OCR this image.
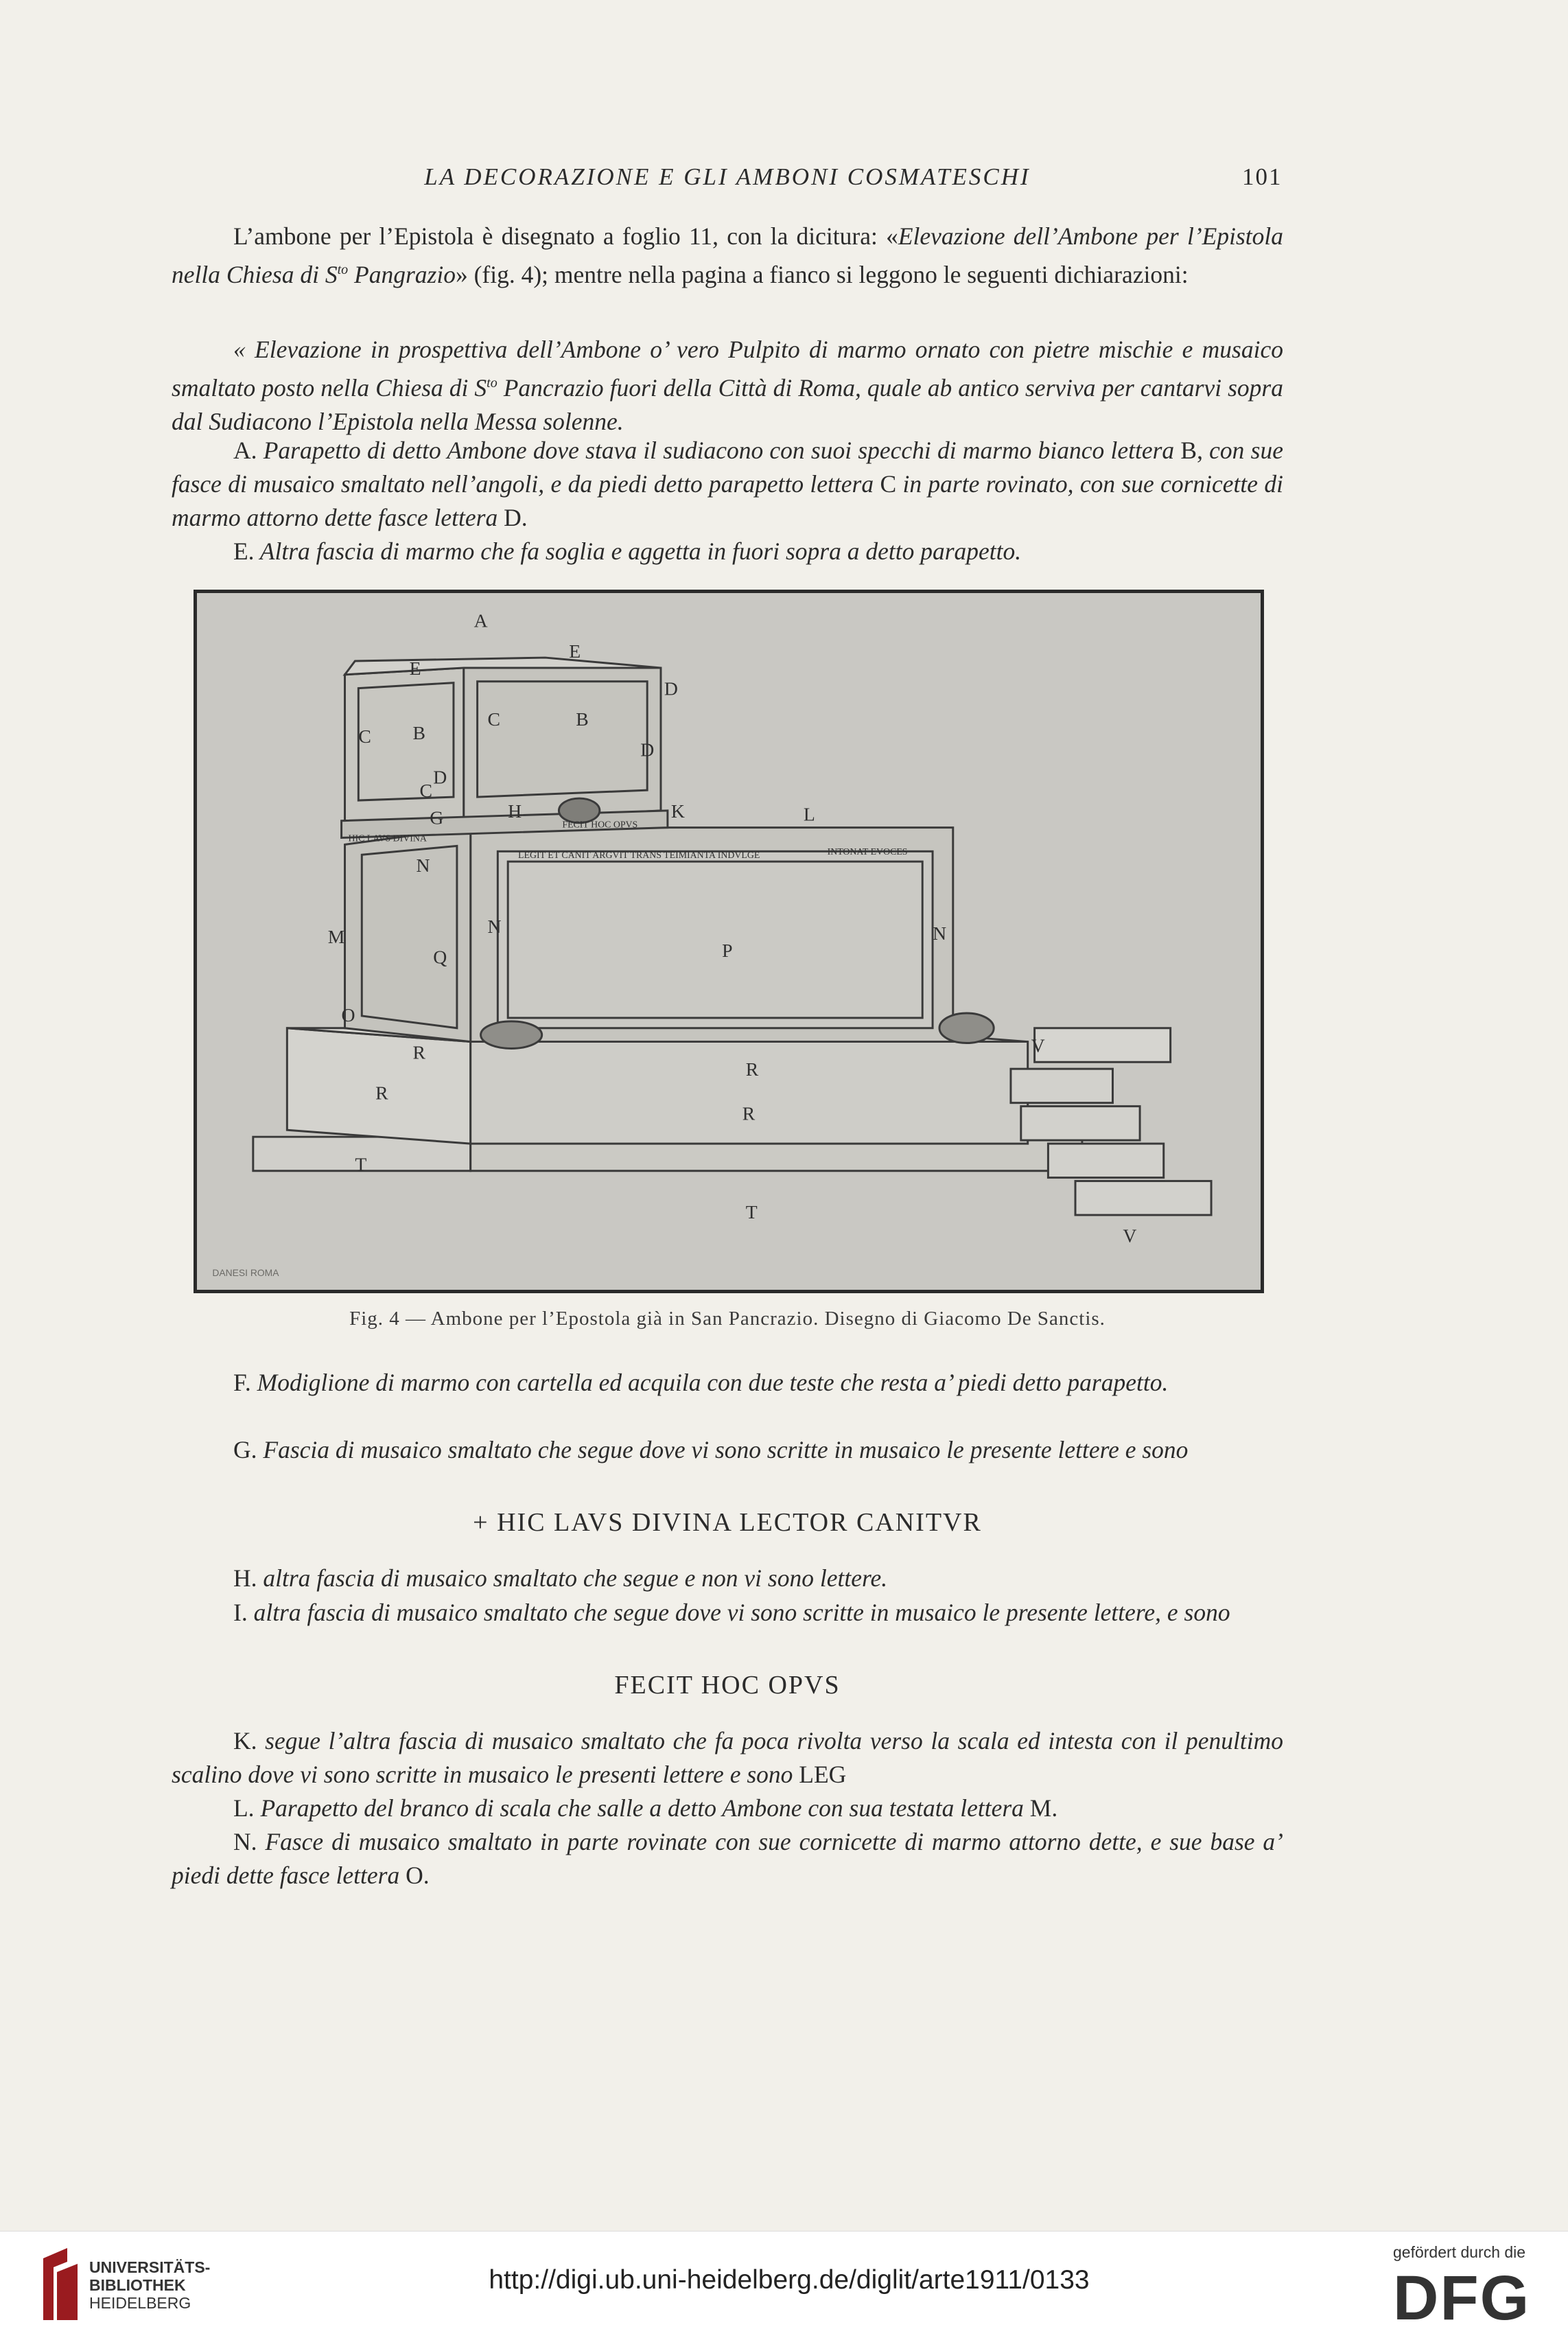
LA DECORAZIONE E GLI AMBONI COSMATESCHI	101

L’ambone per l’Epistola è disegnato a foglio 11, con la dicitura: «Elevazione dell’Ambone per l’Epistola nella Chiesa di $S^{to}$ Pangrazio» (fig. 4); mentre nella pagina a fianco si leggono le seguenti dichiarazioni:

« Elevazione in prospettiva dell’Ambone o’ vero Pulpito di marmo ornato con pietre mischie e musaico smaltato posto nella Chiesa di $S^{to}$ Pancrazio fuori della Città di Roma, quale ab antico serviva per cantarvi sopra dal Sudiacono l’Epistola nella Messa solenne.

A. Parapetto di detto Ambone dove stava il sudiacono con suoi specchi di marmo bianco lettera B, con sue fasce di musaico smaltato nell’angoli, e da piedi detto parapetto lettera C in parte rovinato, con sue cornicette di marmo attorno dette fasce lettera D.

E. Altra fascia di marmo che fa soglia e aggetta in fuori sopra a detto parapetto.

A
E
E
B
B
C
C
C
D
D
D
G	H	K	L
M
N
N	N
O
P
Q
R
R
R
R
T
T
V
V
LEGIT ET CANIT ARGVIT TRANS TEIMIANTA INDVLGE	INTONAT EVOCES
HIC LAVS DIVINA
FECIT HOC OPVS
DANESI ROMA
Fig. 4 — Ambone per l’Epostola già in San Pancrazio. Disegno di Giacomo De Sanctis.

F. Modiglione di marmo con cartella ed acquila con due teste che resta a’ piedi detto parapetto.

G. Fascia di musaico smaltato che segue dove vi sono scritte in musaico le presente lettere e sono

+ HIC LAVS DIVINA LECTOR CANITVR

H. altra fascia di musaico smaltato che segue e non vi sono lettere.

I. altra fascia di musaico smaltato che segue dove vi sono scritte in musaico le presente lettere, e sono

FECIT HOC OPVS

K. segue l’altra fascia di musaico smaltato che fa poca rivolta verso la scala ed intesta con il penultimo scalino dove vi sono scritte in musaico le presenti lettere e sono LEG

L. Parapetto del branco di scala che salle a detto Ambone con sua testata lettera M.

N. Fasce di musaico smaltato in parte rovinate con sue cornicette di marmo attorno dette, e sue base a’ piedi dette fasce lettera O.

UNIVERSITÄTS-
BIBLIOTHEK
HEIDELBERG
http://digi.ub.uni-heidelberg.de/diglit/arte1911/0133
gefördert durch die
DFG
